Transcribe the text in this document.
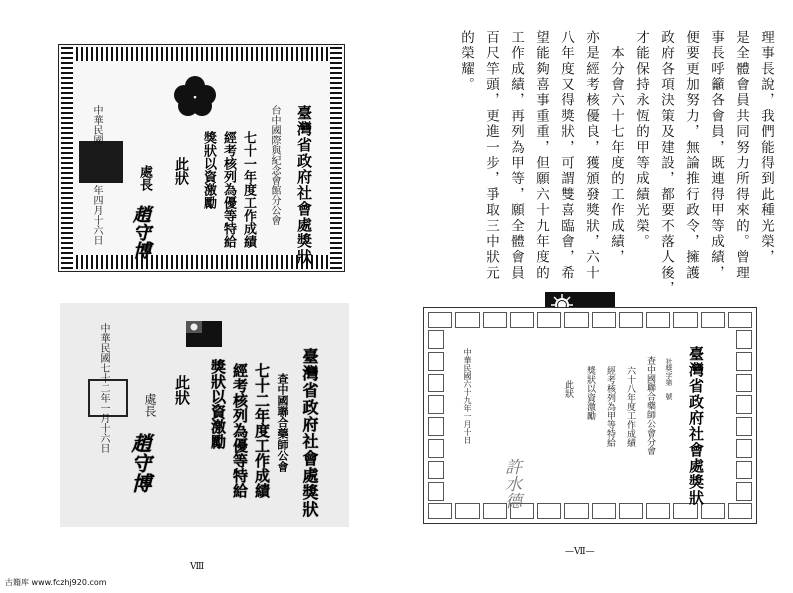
臺灣省政府社會處獎狀
台中國際與紀念會館分公會
七十一年度工作成績
經考核列為優等特給
獎狀以資激勵
此狀
處長
趙守博
中華民國
年四月十六日
臺灣省政府社會處獎狀
查中國聯合藥師公會
七十二年度工作成績
經考核列為優等特給
獎狀以資激勵
此狀
處長
趙守博
中華民國七十二年一月十六日
Ⅷ
理事長說，我們能得到此種光榮，
是全體會員共同努力所得來的。曾理
事長呼籲各會員，既連得甲等成績，
便要更加努力，無論推行政令，擁護
政府各項決策及建設，都要不落人後，
才能保持永恆的甲等成績光榮。
　本分會六十七年度的工作成績，
亦是經考核優良，獲頒發獎狀，六十
八年度又得獎狀，可謂雙喜臨會，希
望能夠喜事重重，但願六十九年度的
工作成績，再列為甲等，願全體會員
百尺竿頭，更進一步，爭取三中狀元
的榮耀。
臺灣省政府社會處獎狀
社獎字第　號
查中國聯合藥師公會分會
六十八年度工作成績
經考核列為甲等特給
獎狀以資激勵
此狀
許水德
中華民國六十九年一月十日
—Ⅶ—
古籍库 www.fczhj920.com
